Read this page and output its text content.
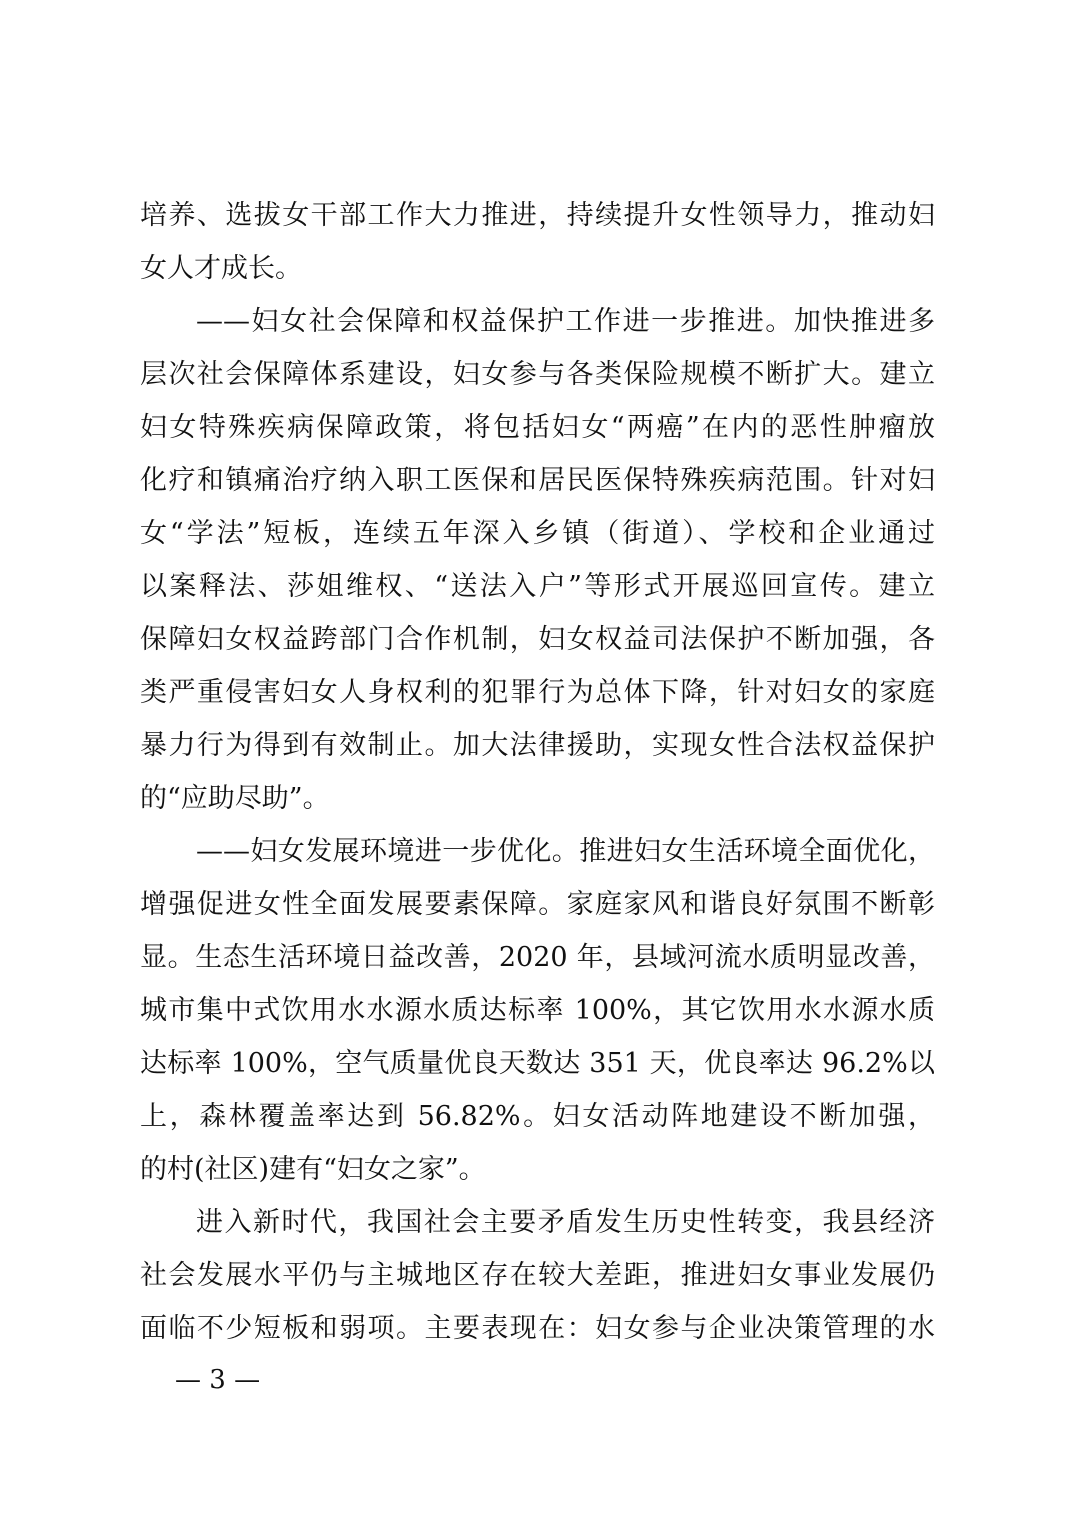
培养、选拔女干部工作大力推进，持续提升女性领导力，推动妇
女人才成长。
——妇女社会保障和权益保护工作进一步推进。加快推进多
层次社会保障体系建设，妇女参与各类保险规模不断扩大。建立
妇女特殊疾病保障政策，将包括妇女“两癌”在内的恶性肿瘤放
化疗和镇痛治疗纳入职工医保和居民医保特殊疾病范围。针对妇
女“学法”短板，连续五年深入乡镇（街道）、学校和企业通过
以案释法、莎姐维权、“送法入户”等形式开展巡回宣传。建立
保障妇女权益跨部门合作机制，妇女权益司法保护不断加强，各
类严重侵害妇女人身权利的犯罪行为总体下降，针对妇女的家庭
暴力行为得到有效制止。加大法律援助，实现女性合法权益保护
的“应助尽助”。
——妇女发展环境进一步优化。推进妇女生活环境全面优化，
增强促进女性全面发展要素保障。家庭家风和谐良好氛围不断彰
显。生态生活环境日益改善，2020 年，县域河流水质明显改善，
城市集中式饮用水水源水质达标率 100%，其它饮用水水源水质
达标率 100%，空气质量优良天数达 351 天，优良率达 96.2%以
上，森林覆盖率达到 56.82%。妇女活动阵地建设不断加强，
的村(社区)建有“妇女之家”。
进入新时代，我国社会主要矛盾发生历史性转变，我县经济
社会发展水平仍与主城地区存在较大差距，推进妇女事业发展仍
面临不少短板和弱项。主要表现在：妇女参与企业决策管理的水
— 3 —
